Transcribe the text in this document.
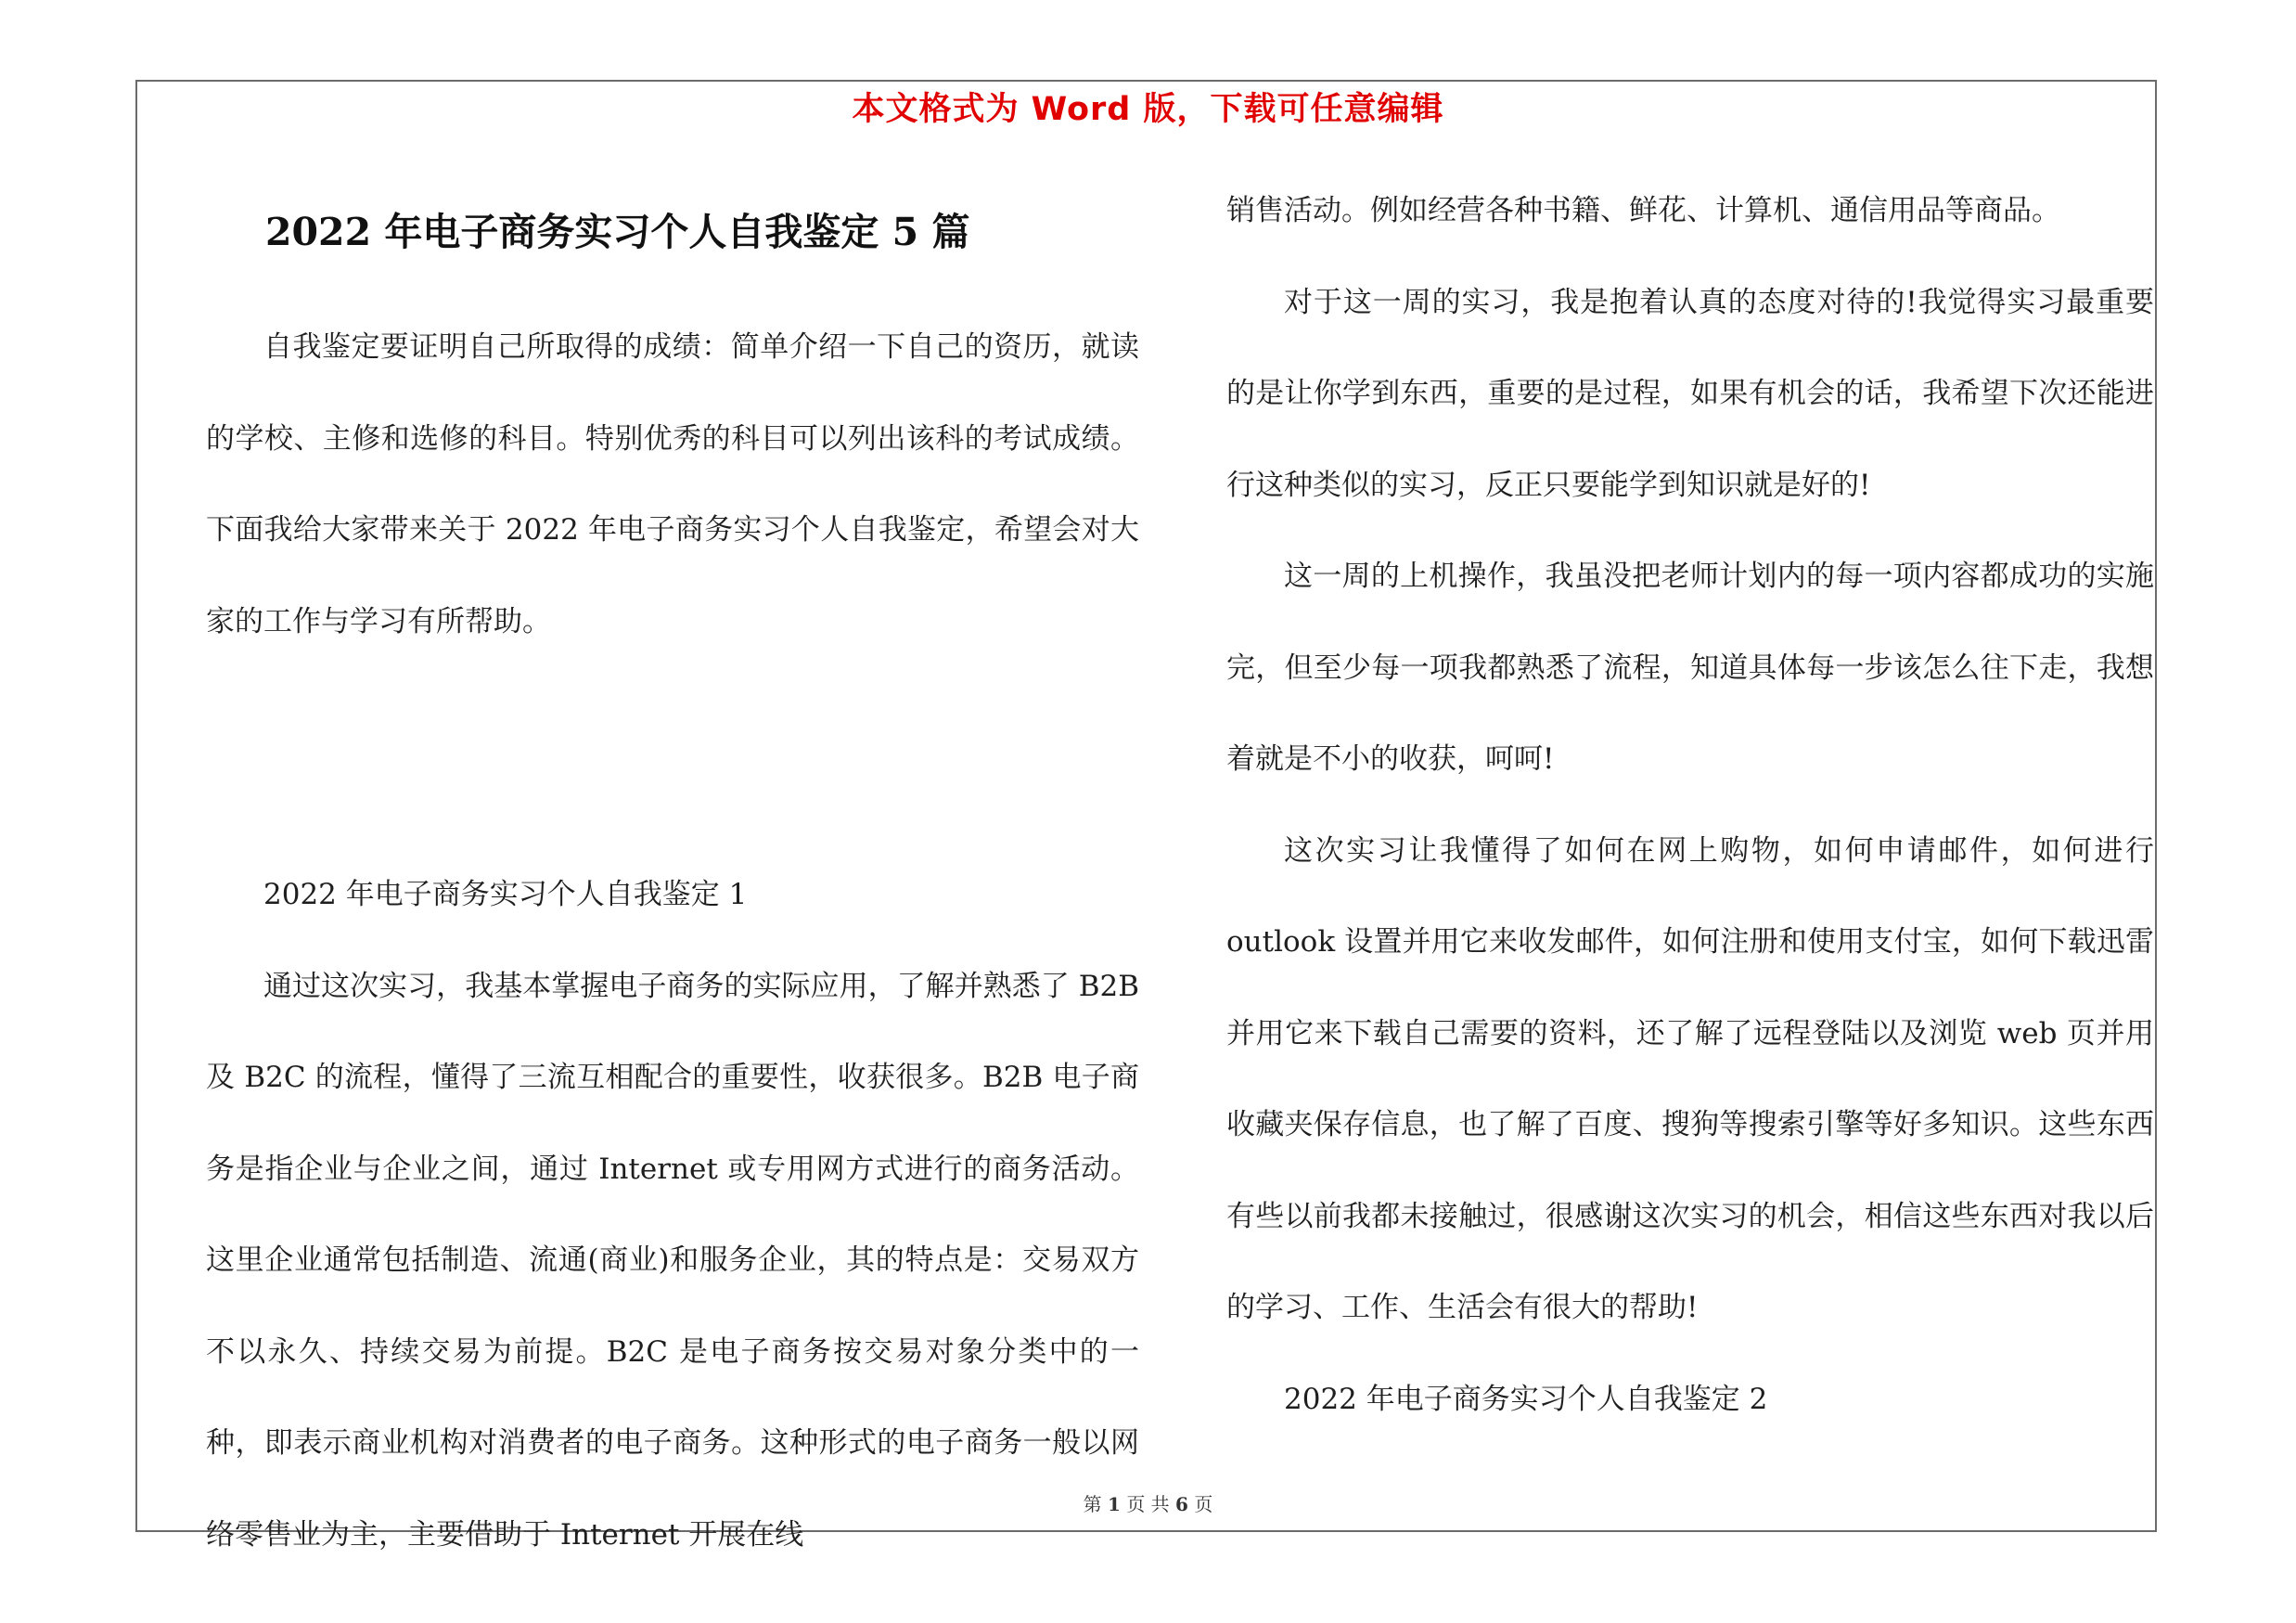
本文格式为 Word 版，下载可任意编辑
2022 年电子商务实习个人自我鉴定 5 篇

自我鉴定要证明自己所取得的成绩：简单介绍一下自己的资历，就读的学校、主修和选修的科目。特别优秀的科目可以列出该科的考试成绩。下面我给大家带来关于 2022 年电子商务实习个人自我鉴定，希望会对大家的工作与学习有所帮助。

2022 年电子商务实习个人自我鉴定 1

通过这次实习，我基本掌握电子商务的实际应用，了解并熟悉了 B2B 及 B2C 的流程，懂得了三流互相配合的重要性，收获很多。B2B 电子商务是指企业与企业之间，通过 Internet 或专用网方式进行的商务活动。这里企业通常包括制造、流通(商业)和服务企业，其的特点是：交易双方不以永久、持续交易为前提。B2C 是电子商务按交易对象分类中的一种，即表示商业机构对消费者的电子商务。这种形式的电子商务一般以网络零售业为主，主要借助于 Internet 开展在线

销售活动。例如经营各种书籍、鲜花、计算机、通信用品等商品。

对于这一周的实习，我是抱着认真的态度对待的!我觉得实习最重要的是让你学到东西，重要的是过程，如果有机会的话，我希望下次还能进行这种类似的实习，反正只要能学到知识就是好的!

这一周的上机操作，我虽没把老师计划内的每一项内容都成功的实施完，但至少每一项我都熟悉了流程，知道具体每一步该怎么往下走，我想着就是不小的收获，呵呵!

这次实习让我懂得了如何在网上购物，如何申请邮件，如何进行 outlook 设置并用它来收发邮件，如何注册和使用支付宝，如何下载迅雷并用它来下载自己需要的资料，还了解了远程登陆以及浏览 web 页并用收藏夹保存信息，也了解了百度、搜狗等搜索引擎等好多知识。这些东西有些以前我都未接触过，很感谢这次实习的机会，相信这些东西对我以后的学习、工作、生活会有很大的帮助!

2022 年电子商务实习个人自我鉴定 2

第 1 页 共 6 页
